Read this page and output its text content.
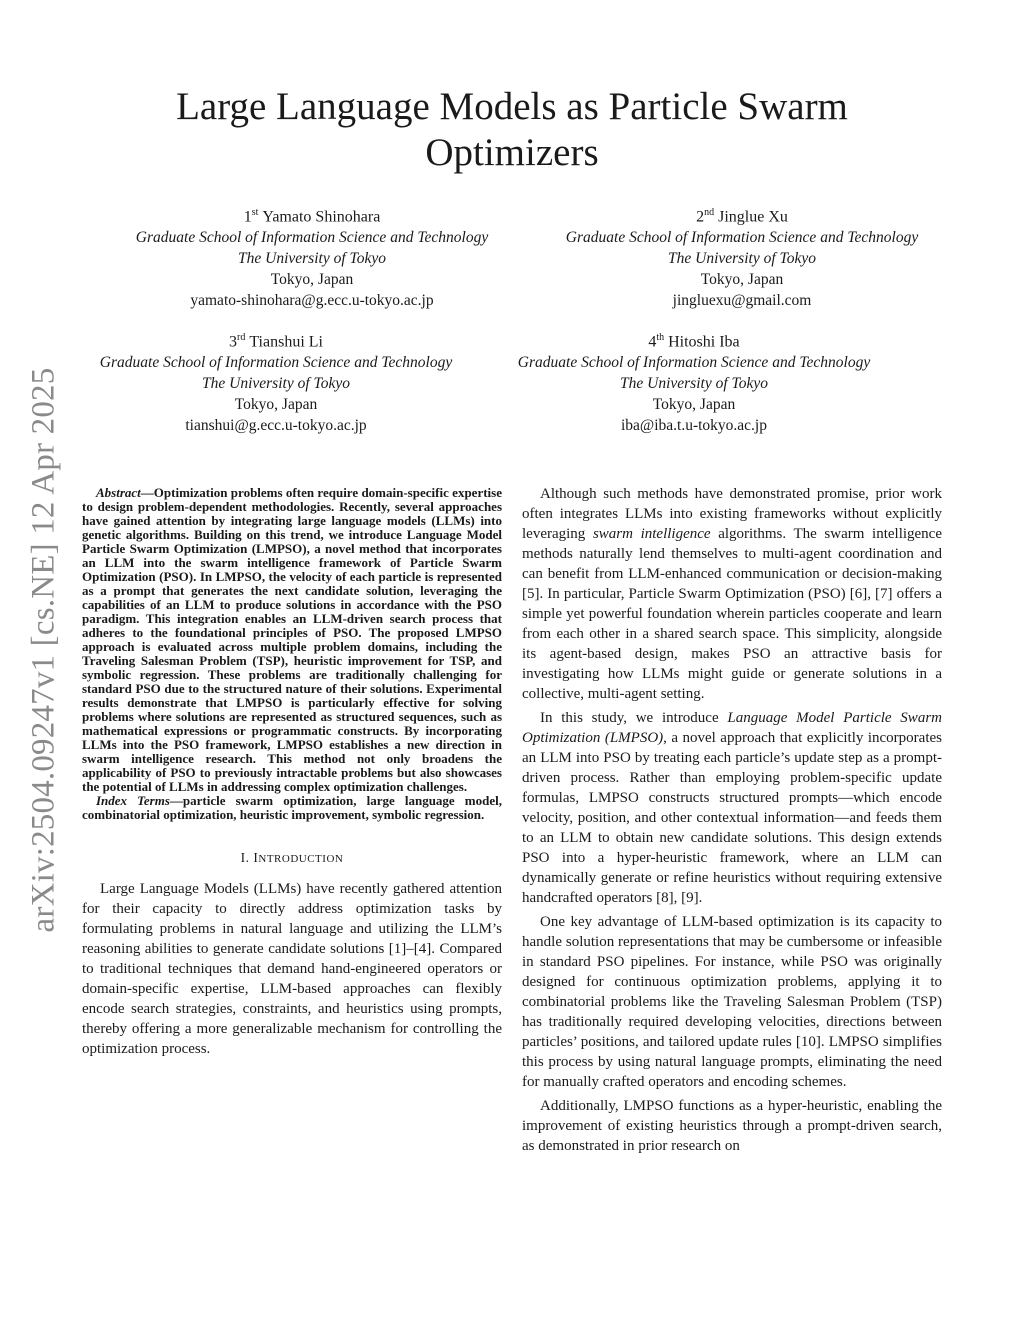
arXiv:2504.09247v1 [cs.NE] 12 Apr 2025
Large Language Models as Particle Swarm Optimizers
1st Yamato Shinohara
Graduate School of Information Science and Technology
The University of Tokyo
Tokyo, Japan
yamato-shinohara@g.ecc.u-tokyo.ac.jp
2nd Jinglue Xu
Graduate School of Information Science and Technology
The University of Tokyo
Tokyo, Japan
jingluexu@gmail.com
3rd Tianshui Li
Graduate School of Information Science and Technology
The University of Tokyo
Tokyo, Japan
tianshui@g.ecc.u-tokyo.ac.jp
4th Hitoshi Iba
Graduate School of Information Science and Technology
The University of Tokyo
Tokyo, Japan
iba@iba.t.u-tokyo.ac.jp

Abstract—Optimization problems often require domain-specific expertise to design problem-dependent methodologies. Recently, several approaches have gained attention by integrating large language models (LLMs) into genetic algorithms. Building on this trend, we introduce Language Model Particle Swarm Optimization (LMPSO), a novel method that incorporates an LLM into the swarm intelligence framework of Particle Swarm Optimization (PSO). In LMPSO, the velocity of each particle is represented as a prompt that generates the next candidate solution, leveraging the capabilities of an LLM to produce solutions in accordance with the PSO paradigm. This integration enables an LLM-driven search process that adheres to the foundational principles of PSO. The proposed LMPSO approach is evaluated across multiple problem domains, including the Traveling Salesman Problem (TSP), heuristic improvement for TSP, and symbolic regression. These problems are traditionally challenging for standard PSO due to the structured nature of their solutions. Experimental results demonstrate that LMPSO is particularly effective for solving problems where solutions are represented as structured sequences, such as mathematical expressions or programmatic constructs. By incorporating LLMs into the PSO framework, LMPSO establishes a new direction in swarm intelligence research. This method not only broadens the applicability of PSO to previously intractable problems but also showcases the potential of LLMs in addressing complex optimization challenges.

Index Terms—particle swarm optimization, large language model, combinatorial optimization, heuristic improvement, symbolic regression.

I. INTRODUCTION

Large Language Models (LLMs) have recently gathered attention for their capacity to directly address optimization tasks by formulating problems in natural language and utilizing the LLM’s reasoning abilities to generate candidate solutions [1]–[4]. Compared to traditional techniques that demand hand-engineered operators or domain-specific expertise, LLM-based approaches can flexibly encode search strategies, constraints, and heuristics using prompts, thereby offering a more generalizable mechanism for controlling the optimization process.

Although such methods have demonstrated promise, prior work often integrates LLMs into existing frameworks without explicitly leveraging swarm intelligence algorithms. The swarm intelligence methods naturally lend themselves to multi-agent coordination and can benefit from LLM-enhanced communication or decision-making [5]. In particular, Particle Swarm Optimization (PSO) [6], [7] offers a simple yet powerful foundation wherein particles cooperate and learn from each other in a shared search space. This simplicity, alongside its agent-based design, makes PSO an attractive basis for investigating how LLMs might guide or generate solutions in a collective, multi-agent setting.

In this study, we introduce Language Model Particle Swarm Optimization (LMPSO), a novel approach that explicitly incorporates an LLM into PSO by treating each particle’s update step as a prompt-driven process. Rather than employing problem-specific update formulas, LMPSO constructs structured prompts—which encode velocity, position, and other contextual information—and feeds them to an LLM to obtain new candidate solutions. This design extends PSO into a hyper-heuristic framework, where an LLM can dynamically generate or refine heuristics without requiring extensive handcrafted operators [8], [9].

One key advantage of LLM-based optimization is its capacity to handle solution representations that may be cumbersome or infeasible in standard PSO pipelines. For instance, while PSO was originally designed for continuous optimization problems, applying it to combinatorial problems like the Traveling Salesman Problem (TSP) has traditionally required developing velocities, directions between particles’ positions, and tailored update rules [10]. LMPSO simplifies this process by using natural language prompts, eliminating the need for manually crafted operators and encoding schemes.

Additionally, LMPSO functions as a hyper-heuristic, enabling the improvement of existing heuristics through a prompt-driven search, as demonstrated in prior research on
